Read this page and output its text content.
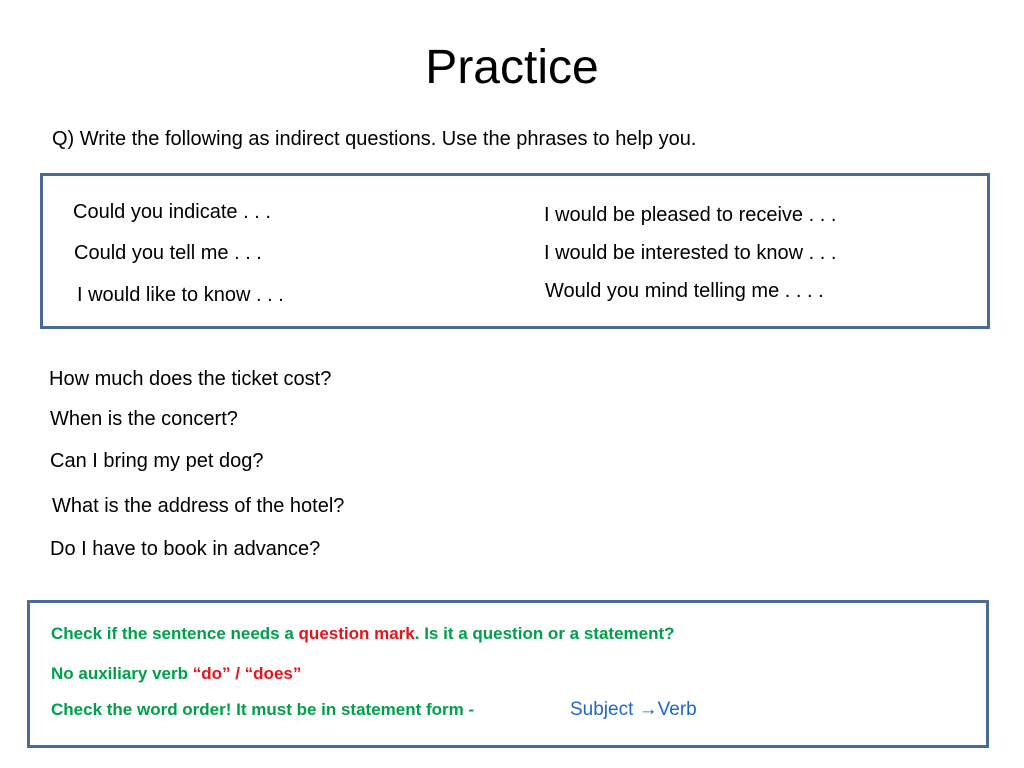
Practice
Q) Write the following as indirect questions. Use the phrases to help you.
Could you indicate . . .
Could you tell me . . .
I would like to know . . .
I would be pleased to receive . . .
I would be interested to know . . .
Would you mind telling me . . . .
How much does the ticket cost?
When is the concert?
Can I bring my pet dog?
What is the address of the hotel?
Do I have to book in advance?
Check if the sentence needs a question mark. Is it a question or a statement?
No auxiliary verb “do” / “does”
Check the word order! It must be in statement form -	Subject →Verb
